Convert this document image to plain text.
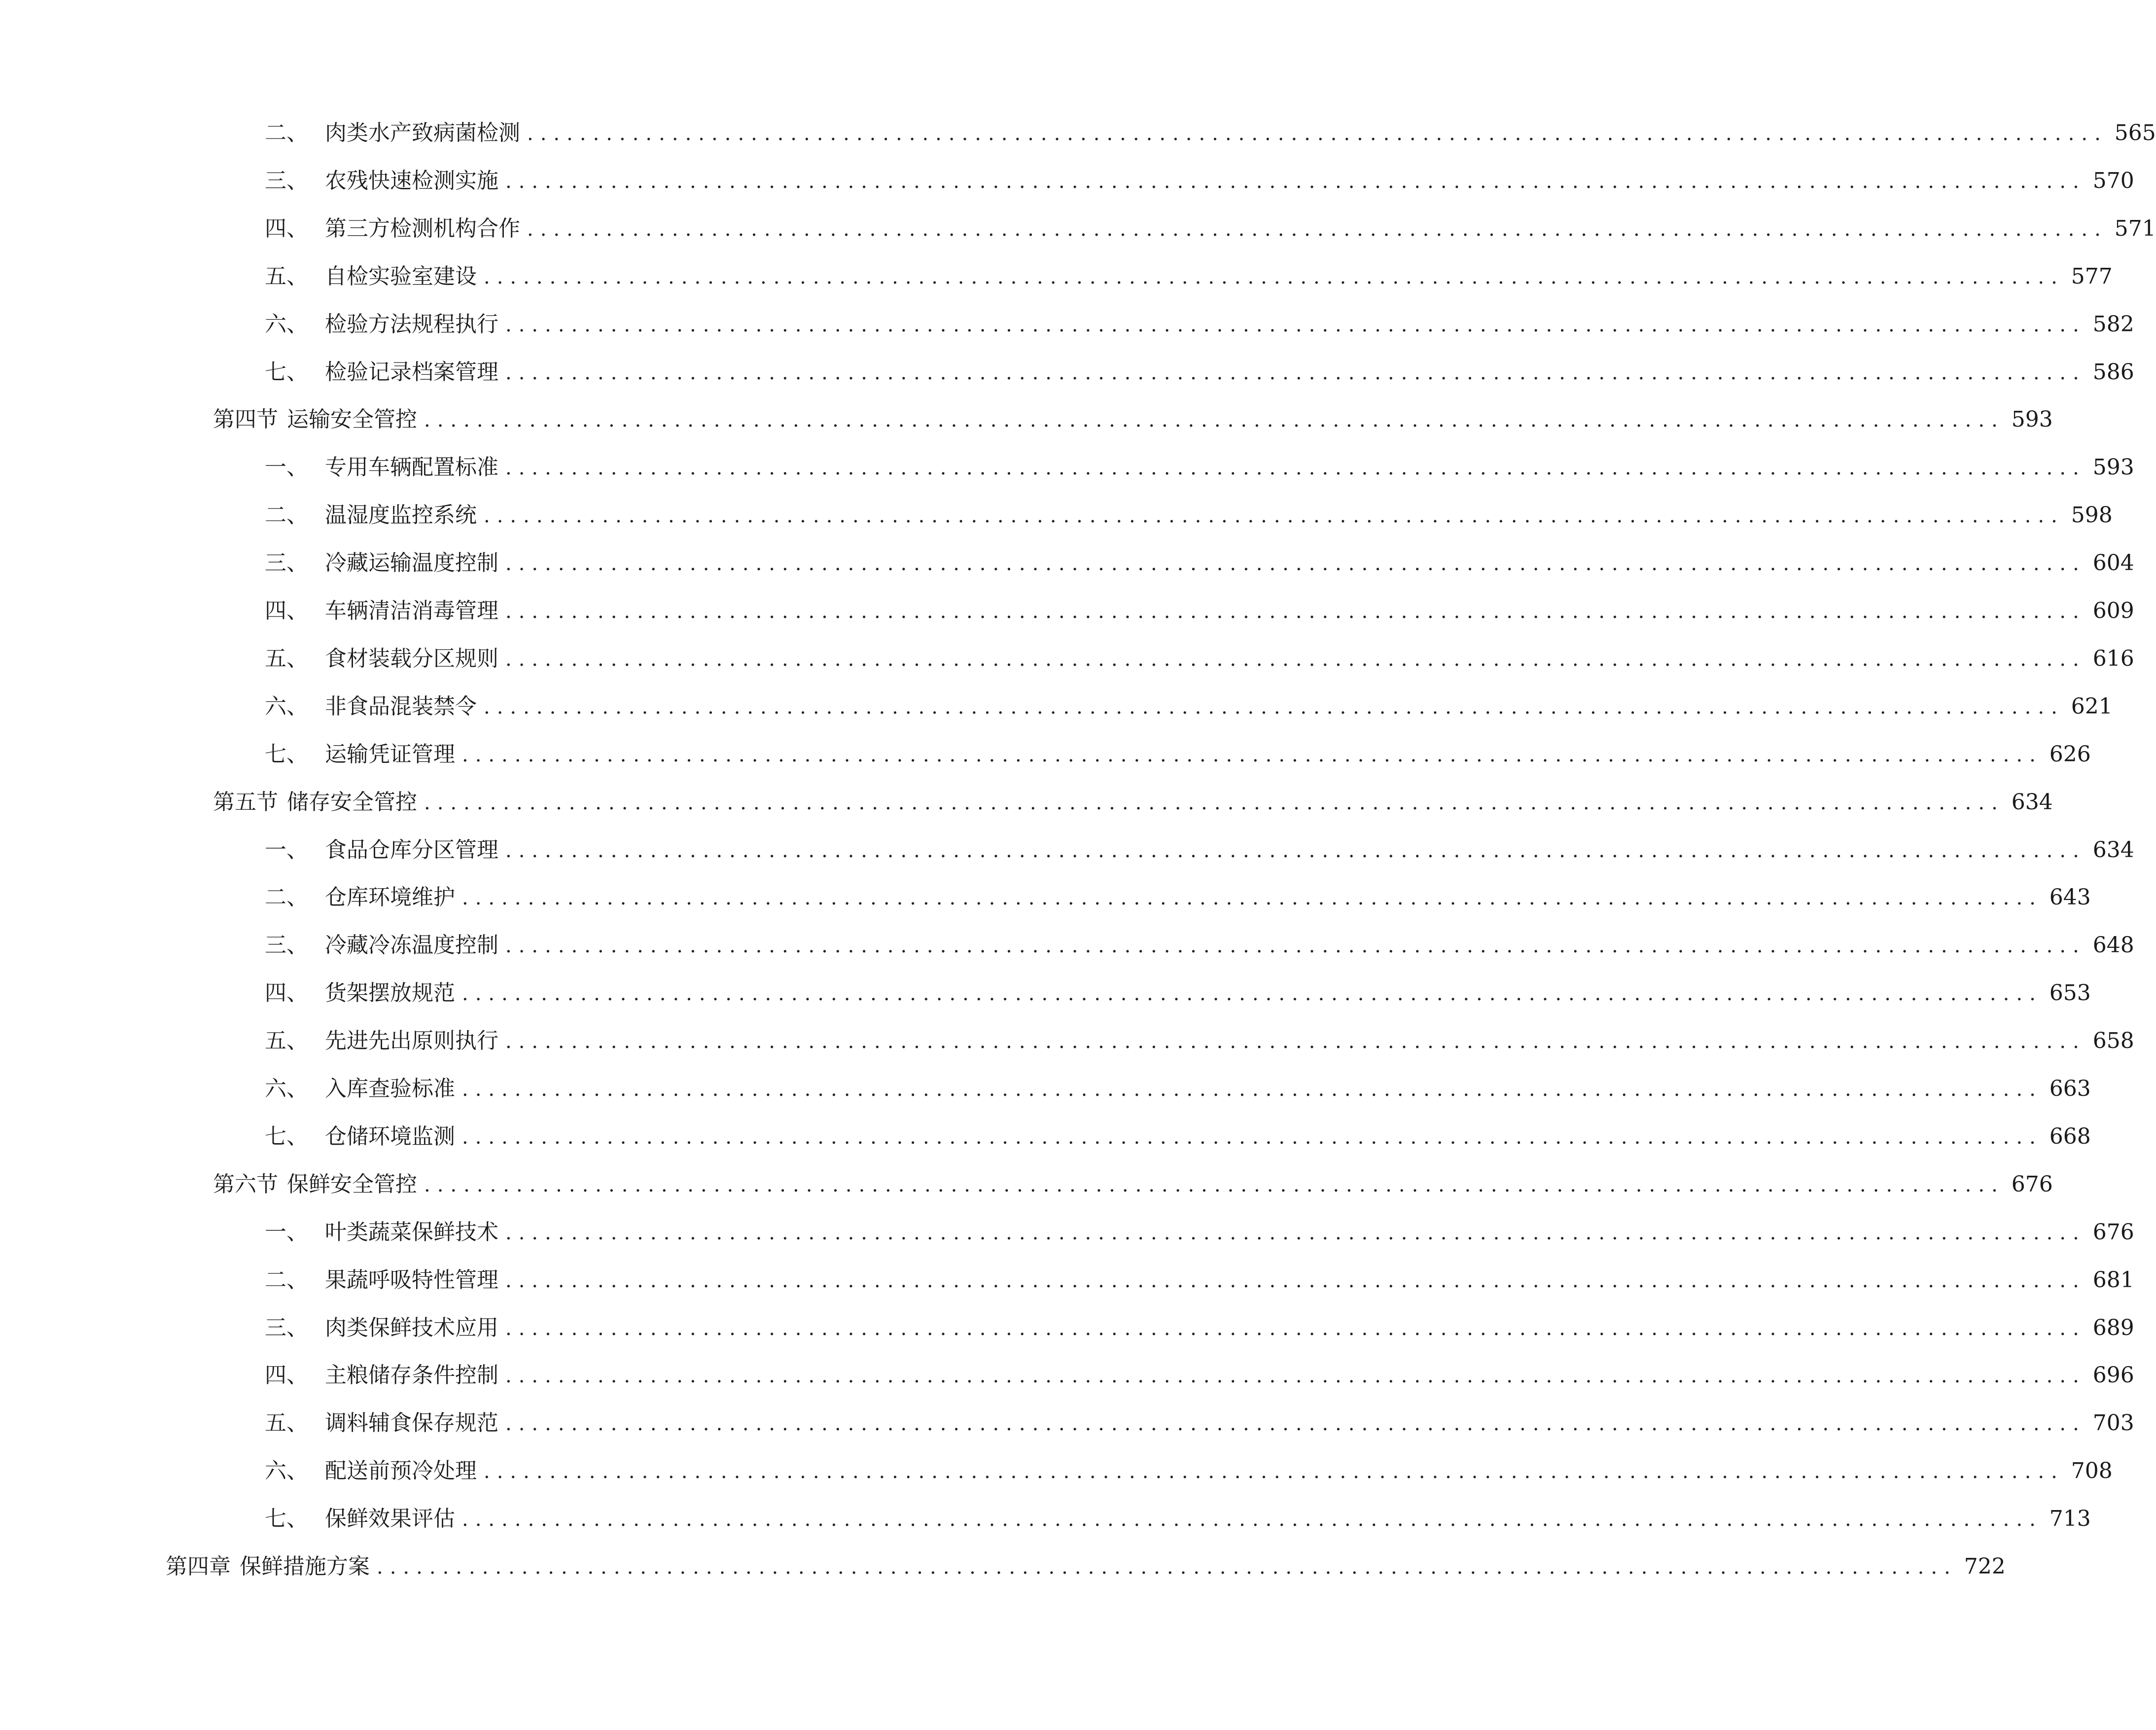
二、 肉类水产致病菌检测 ........................................................................................................................ 565
三、 农残快速检测实施 ........................................................................................................................ 570
四、 第三方检测机构合作 ........................................................................................................................ 571
五、 自检实验室建设 ........................................................................................................................ 577
六、 检验方法规程执行 ........................................................................................................................ 582
七、 检验记录档案管理 ........................................................................................................................ 586
第四节 运输安全管控 ........................................................................................................................ 593
一、 专用车辆配置标准 ........................................................................................................................ 593
二、 温湿度监控系统 ........................................................................................................................ 598
三、 冷藏运输温度控制 ........................................................................................................................ 604
四、 车辆清洁消毒管理 ........................................................................................................................ 609
五、 食材装载分区规则 ........................................................................................................................ 616
六、 非食品混装禁令 ........................................................................................................................ 621
七、 运输凭证管理 ........................................................................................................................ 626
第五节 储存安全管控 ........................................................................................................................ 634
一、 食品仓库分区管理 ........................................................................................................................ 634
二、 仓库环境维护 ........................................................................................................................ 643
三、 冷藏冷冻温度控制 ........................................................................................................................ 648
四、 货架摆放规范 ........................................................................................................................ 653
五、 先进先出原则执行 ........................................................................................................................ 658
六、 入库查验标准 ........................................................................................................................ 663
七、 仓储环境监测 ........................................................................................................................ 668
第六节 保鲜安全管控 ........................................................................................................................ 676
一、 叶类蔬菜保鲜技术 ........................................................................................................................ 676
二、 果蔬呼吸特性管理 ........................................................................................................................ 681
三、 肉类保鲜技术应用 ........................................................................................................................ 689
四、 主粮储存条件控制 ........................................................................................................................ 696
五、 调料辅食保存规范 ........................................................................................................................ 703
六、 配送前预冷处理 ........................................................................................................................ 708
七、 保鲜效果评估 ........................................................................................................................ 713
第四章 保鲜措施方案 ........................................................................................................................ 722
